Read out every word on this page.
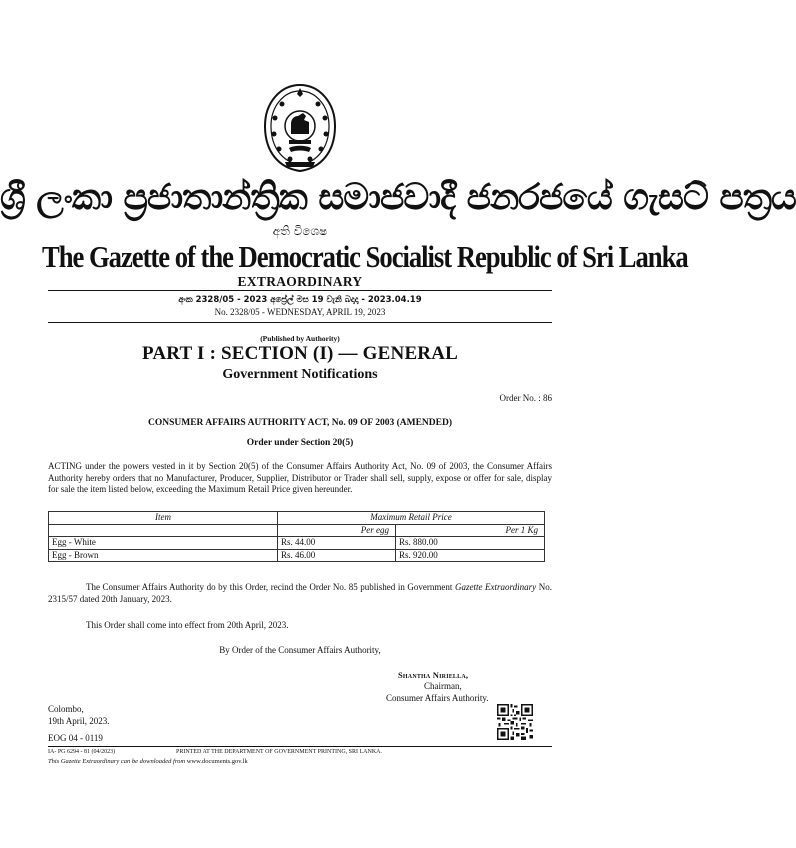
ශ්‍රී ලංකා ප්‍රජාතාන්ත්‍රික සමාජවාදී ජනරජයේ ගැසට් පත්‍රය
අති විශෙෂ
The Gazette of the Democratic Socialist Republic of Sri Lanka
EXTRAORDINARY
අංක 2328/05 - 2023 අප්‍රේල් මස 19 වැනි බදාදා - 2023.04.19
No. 2328/05 - WEDNESDAY, APRIL 19, 2023
(Published by Authority)
PART I : SECTION (I) — GENERAL
Government Notifications
Order No. : 86
CONSUMER AFFAIRS AUTHORITY ACT, No. 09 OF 2003 (AMENDED)
Order under Section 20(5)
ACTING under the powers vested in it by Section 20(5) of the Consumer Affairs Authority Act, No. 09 of 2003, the Consumer Affairs Authority hereby orders that no Manufacturer, Producer, Supplier, Distributor or Trader shall sell, supply, expose or offer for sale, display for sale the item listed below, exceeding the Maximum Retail Price given hereunder.
Item	Maximum Retail Price	
	Per egg	Per 1 Kg
Egg - White	Rs. 44.00	Rs. 880.00
Egg - Brown	Rs. 46.00	Rs. 920.00
The Consumer Affairs Authority do by this Order, recind the Order No. 85 published in Government Gazette Extraordinary No. 2315/57 dated 20th January, 2023.
This Order shall come into effect from 20th April, 2023.
By Order of the Consumer Affairs Authority,
Shantha Niriella,
Chairman,
Consumer Affairs Authority.
Colombo,
19th April, 2023.
EOG 04 - 0119
IA- PG 6294 - 81 (04/2023)	PRINTED AT THE DEPARTMENT OF GOVERNMENT PRINTING, SRI LANKA.
This Gazette Extraordinary can be downloaded from www.documents.gov.lk
